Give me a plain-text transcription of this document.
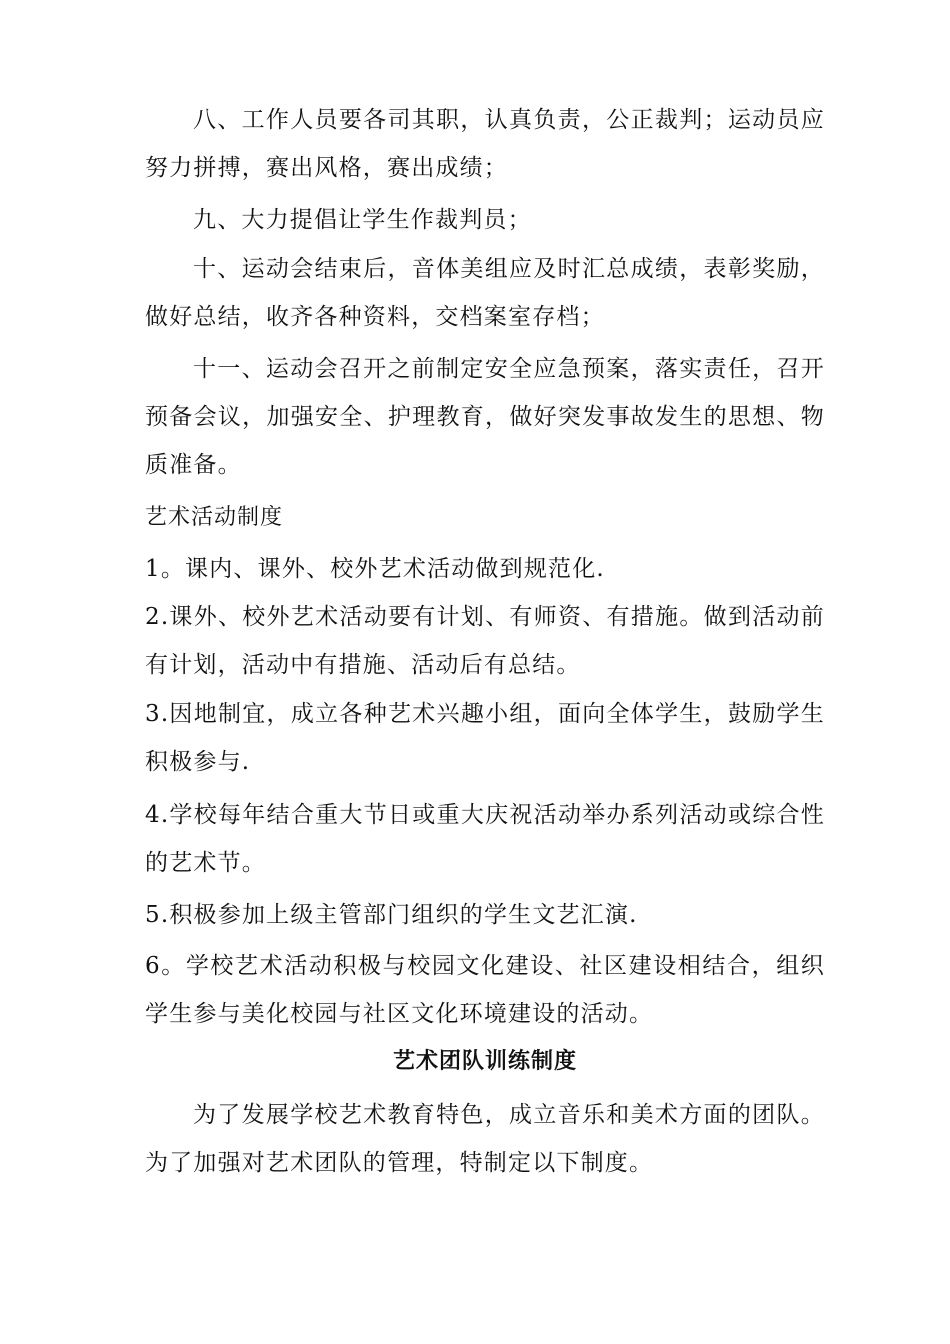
八、工作人员要各司其职，认真负责，公正裁判；运动员应努力拼搏，赛出风格，赛出成绩；

九、大力提倡让学生作裁判员；

十、运动会结束后，音体美组应及时汇总成绩，表彰奖励，做好总结，收齐各种资料，交档案室存档；

十一、运动会召开之前制定安全应急预案，落实责任，召开预备会议，加强安全、护理教育，做好突发事故发生的思想、物质准备。

艺术活动制度

1。课内、课外、校外艺术活动做到规范化.

2.课外、校外艺术活动要有计划、有师资、有措施。做到活动前有计划，活动中有措施、活动后有总结。

3.因地制宜，成立各种艺术兴趣小组，面向全体学生，鼓励学生积极参与.

4.学校每年结合重大节日或重大庆祝活动举办系列活动或综合性的艺术节。

5.积极参加上级主管部门组织的学生文艺汇演.

6。学校艺术活动积极与校园文化建设、社区建设相结合，组织学生参与美化校园与社区文化环境建设的活动。

艺术团队训练制度

为了发展学校艺术教育特色，成立音乐和美术方面的团队。为了加强对艺术团队的管理，特制定以下制度。
